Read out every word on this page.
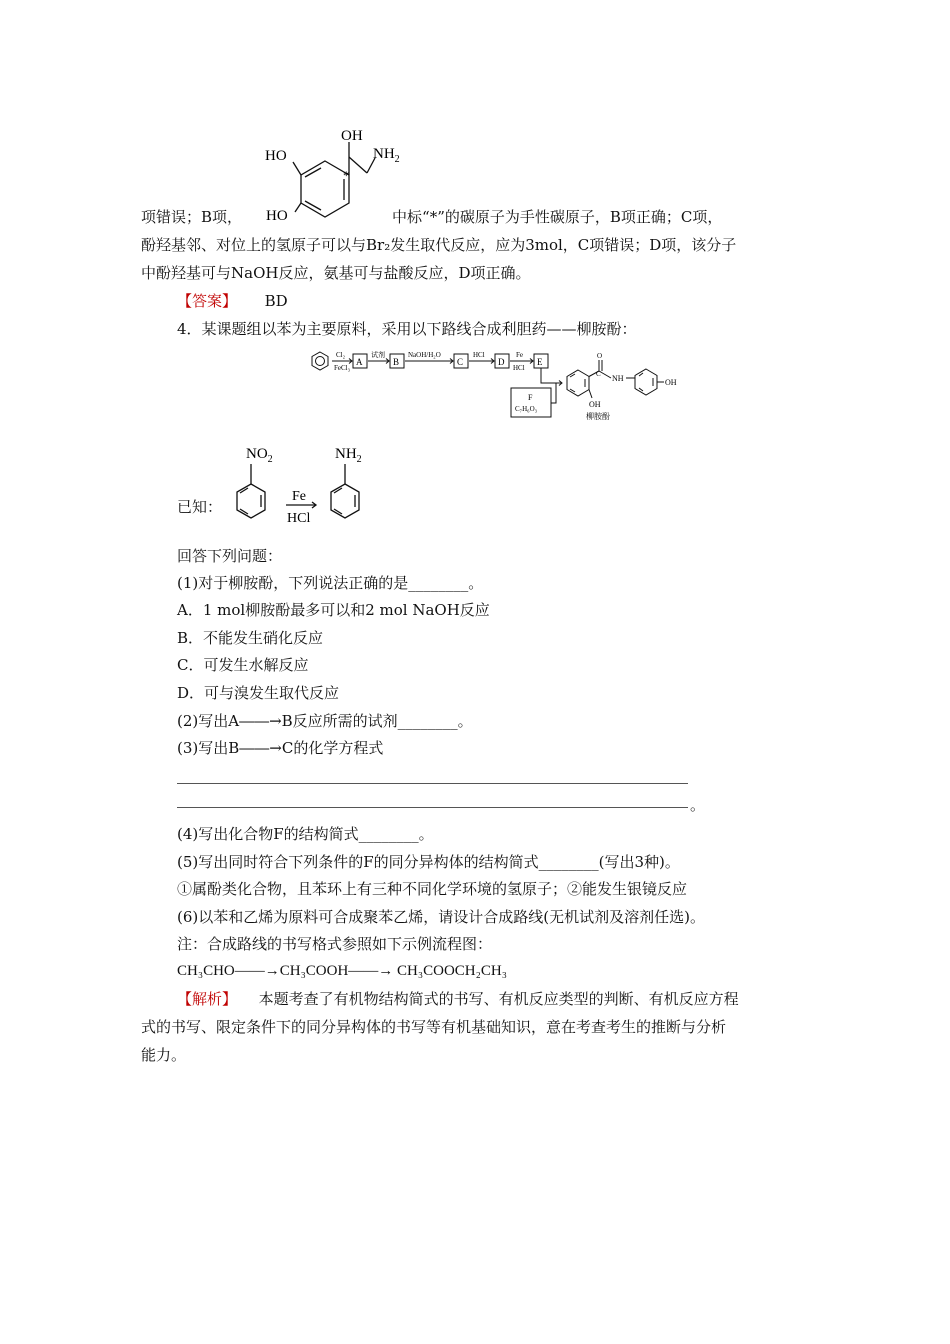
OH
HO	$NH_2$
*
HO
项错误；B项，	中标“*”的碳原子为手性碳原子，B项正确；C项，
酚羟基邻、对位上的氢原子可以与Br₂发生取代反应，应为3mol，C项错误；D项，该分子
中酚羟基可与NaOH反应，氨基可与盐酸反应，D项正确。
【答案】 BD
4．某课题组以苯为主要原料，采用以下路线合成利胆药——柳胺酚：
Cl₂
FeCl₃
A
试剂
B
NaOH/H₂O
C
HCl
D
Fe
HCl
E
F
C₇H₆O₃
O
C NH	OH
OH
柳胺酚
已知：
$NO_2$
Fe
HCl
$NH_2$
回答下列问题：
(1)对于柳胺酚，下列说法正确的是________。
A．1 mol柳胺酚最多可以和2 mol NaOH反应
B．不能发生硝化反应
C．可发生水解反应
D．可与溴发生取代反应
(2)写出A――→B反应所需的试剂________。
(3)写出B――→C的化学方程式
。
(4)写出化合物F的结构简式________。
(5)写出同时符合下列条件的F的同分异构体的结构简式________(写出3种)。
①属酚类化合物，且苯环上有三种不同化学环境的氢原子；②能发生银镜反应
(6)以苯和乙烯为原料可合成聚苯乙烯，请设计合成路线(无机试剂及溶剂任选)。
注：合成路线的书写格式参照如下示例流程图：
CH₃CHO――→CH₃COOH――→ CH₃COOCH₂CH₃
【解析】 本题考查了有机物结构简式的书写、有机反应类型的判断、有机反应方程
式的书写、限定条件下的同分异构体的书写等有机基础知识，意在考查考生的推断与分析
能力。
